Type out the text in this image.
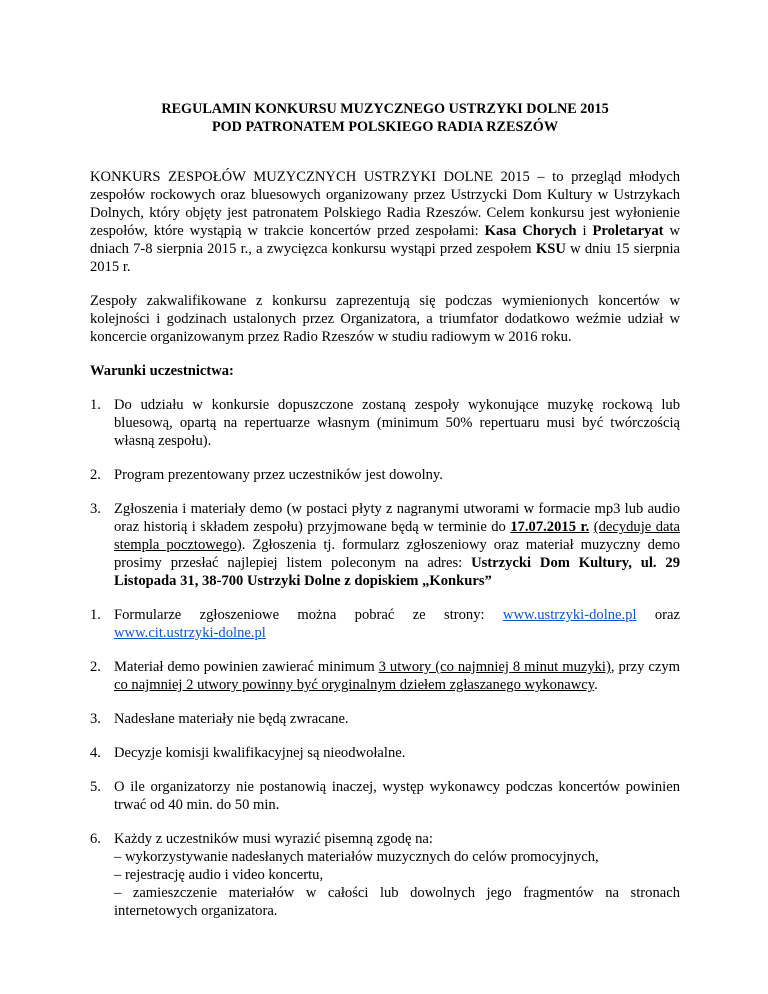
REGULAMIN KONKURSU MUZYCZNEGO USTRZYKI DOLNE 2015
POD PATRONATEM POLSKIEGO RADIA RZESZÓW

KONKURS ZESPOŁÓW MUZYCZNYCH USTRZYKI DOLNE 2015 – to przegląd młodych zespołów rockowych oraz bluesowych organizowany przez Ustrzycki Dom Kultury w Ustrzykach Dolnych, który objęty jest patronatem Polskiego Radia Rzeszów. Celem konkursu jest wyłonienie zespołów, które wystąpią w trakcie koncertów przed zespołami: Kasa Chorych i Proletaryat w dniach 7-8 sierpnia 2015 r., a zwycięzca konkursu wystąpi przed zespołem KSU w dniu 15 sierpnia 2015 r.

Zespoły zakwalifikowane z konkursu zaprezentują się podczas wymienionych koncertów w kolejności i godzinach ustalonych przez Organizatora, a triumfator dodatkowo weźmie udział w koncercie organizowanym przez Radio Rzeszów w studiu radiowym w 2016 roku.

Warunki uczestnictwa:

1. Do udziału w konkursie dopuszczone zostaną zespoły wykonujące muzykę rockową lub bluesową, opartą na repertuarze własnym (minimum 50% repertuaru musi być twórczością własną zespołu).
2. Program prezentowany przez uczestników jest dowolny.
3. Zgłoszenia i materiały demo (w postaci płyty z nagranymi utworami w formacie mp3 lub audio oraz historią i składem zespołu) przyjmowane będą w terminie do 17.07.2015 r. (decyduje data stempla pocztowego). Zgłoszenia tj. formularz zgłoszeniowy oraz materiał muzyczny demo prosimy przesłać najlepiej listem poleconym na adres: Ustrzycki Dom Kultury, ul. 29 Listopada 31, 38-700 Ustrzyki Dolne z dopiskiem „Konkurs”
1. Formularze zgłoszeniowe można pobrać ze strony: www.ustrzyki-dolne.pl oraz www.cit.ustrzyki-dolne.pl
2. Materiał demo powinien zawierać minimum 3 utwory (co najmniej 8 minut muzyki), przy czym co najmniej 2 utwory powinny być oryginalnym dziełem zgłaszanego wykonawcy.
3. Nadesłane materiały nie będą zwracane.
4. Decyzje komisji kwalifikacyjnej są nieodwołalne.
5. O ile organizatorzy nie postanowią inaczej, występ wykonawcy podczas koncertów powinien trwać od 40 min. do 50 min.
6. Każdy z uczestników musi wyrazić pisemną zgodę na:
– wykorzystywanie nadesłanych materiałów muzycznych do celów promocyjnych,
– rejestrację audio i video koncertu,
– zamieszczenie materiałów w całości lub dowolnych jego fragmentów na stronach internetowych organizatora.
